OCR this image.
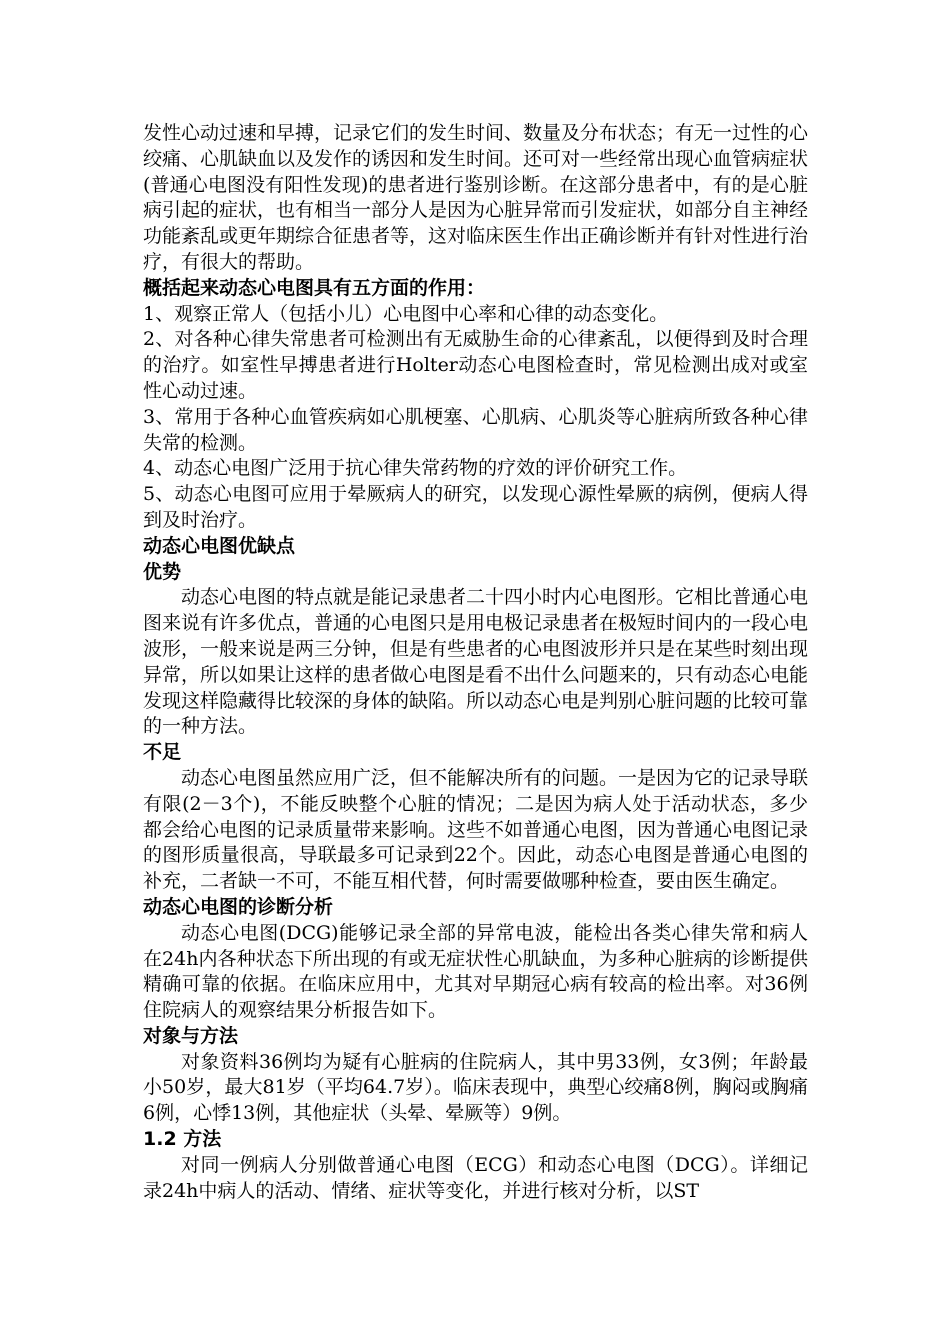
发性心动过速和早搏，记录它们的发生时间、数量及分布状态；有无一过性的心绞痛、心肌缺血以及发作的诱因和发生时间。还可对一些经常出现心血管病症状(普通心电图没有阳性发现)的患者进行鉴别诊断。在这部分患者中，有的是心脏病引起的症状，也有相当一部分人是因为心脏异常而引发症状，如部分自主神经功能紊乱或更年期综合征患者等，这对临床医生作出正确诊断并有针对性进行治疗，有很大的帮助。

概括起来动态心电图具有五方面的作用：

1、观察正常人（包括小儿）心电图中心率和心律的动态变化。

2、对各种心律失常患者可检测出有无威胁生命的心律紊乱，以便得到及时合理的治疗。如室性早搏患者进行Holter动态心电图检查时，常见检测出成对或室性心动过速。

3、常用于各种心血管疾病如心肌梗塞、心肌病、心肌炎等心脏病所致各种心律失常的检测。

4、动态心电图广泛用于抗心律失常药物的疗效的评价研究工作。

5、动态心电图可应用于晕厥病人的研究，以发现心源性晕厥的病例，便病人得到及时治疗。

动态心电图优缺点

优势

动态心电图的特点就是能记录患者二十四小时内心电图形。它相比普通心电图来说有许多优点，普通的心电图只是用电极记录患者在极短时间内的一段心电波形，一般来说是两三分钟，但是有些患者的心电图波形并只是在某些时刻出现异常，所以如果让这样的患者做心电图是看不出什么问题来的，只有动态心电能发现这样隐藏得比较深的身体的缺陷。所以动态心电是判别心脏问题的比较可靠的一种方法。

不足

动态心电图虽然应用广泛，但不能解决所有的问题。一是因为它的记录导联有限(2－3个)，不能反映整个心脏的情况；二是因为病人处于活动状态，多少都会给心电图的记录质量带来影响。这些不如普通心电图，因为普通心电图记录的图形质量很高，导联最多可记录到22个。因此，动态心电图是普通心电图的补充，二者缺一不可，不能互相代替，何时需要做哪种检查，要由医生确定。

动态心电图的诊断分析

动态心电图(DCG)能够记录全部的异常电波，能检出各类心律失常和病人在24h内各种状态下所出现的有或无症状性心肌缺血，为多种心脏病的诊断提供精确可靠的依据。在临床应用中，尤其对早期冠心病有较高的检出率。对36例住院病人的观察结果分析报告如下。

对象与方法

对象资料36例均为疑有心脏病的住院病人，其中男33例，女3例；年龄最小50岁，最大81岁（平均64.7岁）。临床表现中，典型心绞痛8例，胸闷或胸痛6例，心悸13例，其他症状（头晕、晕厥等）9例。

1.2 方法

对同一例病人分别做普通心电图（ECG）和动态心电图（DCG）。详细记录24h中病人的活动、情绪、症状等变化，并进行核对分析，以ST
